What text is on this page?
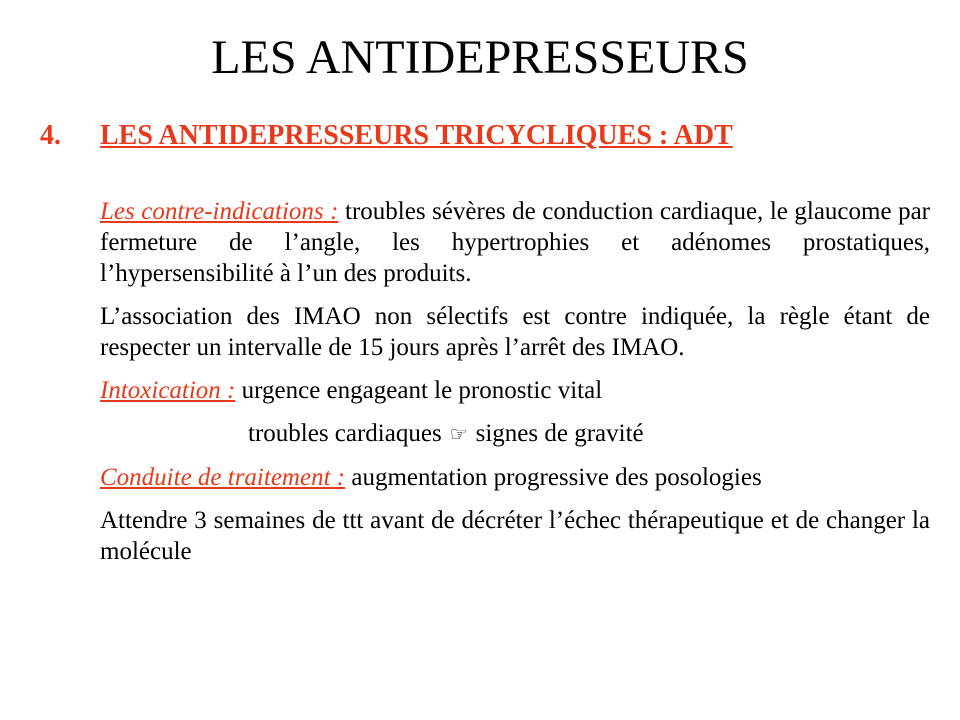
LES ANTIDEPRESSEURS
4. LES ANTIDEPRESSEURS TRICYCLIQUES : ADT

Les contre-indications : troubles sévères de conduction cardiaque, le glaucome par fermeture de l’angle, les hypertrophies et adénomes prostatiques, l’hypersensibilité à l’un des produits.

L’association des IMAO non sélectifs est contre indiquée, la règle étant de respecter un intervalle de 15 jours après l’arrêt des IMAO.

Intoxication : urgence engageant le pronostic vital

troubles cardiaques ☞ signes de gravité

Conduite de traitement : augmentation progressive des posologies

Attendre 3 semaines de ttt avant de décréter l’échec thérapeutique et de changer la molécule
